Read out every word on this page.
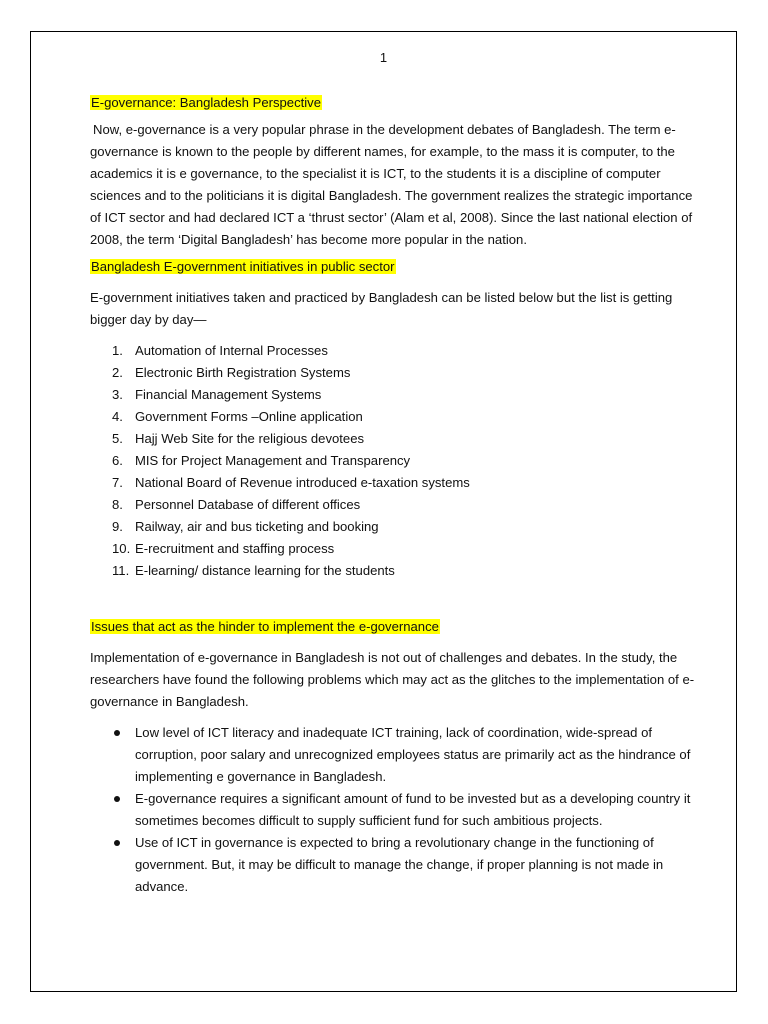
1
E-governance: Bangladesh Perspective

Now, e-governance is a very popular phrase in the development debates of Bangladesh. The term e-governance is known to the people by different names, for example, to the mass it is computer, to the academics it is e governance, to the specialist it is ICT, to the students it is a discipline of computer sciences and to the politicians it is digital Bangladesh. The government realizes the strategic importance of ICT sector and had declared ICT a ‘thrust sector’ (Alam et al, 2008). Since the last national election of 2008, the term ‘Digital Bangladesh’ has become more popular in the nation.

Bangladesh E-government initiatives in public sector

E-government initiatives taken and practiced by Bangladesh can be listed below but the list is getting bigger day by day—

1. Automation of Internal Processes
2. Electronic Birth Registration Systems
3. Financial Management Systems
4. Government Forms –Online application
5. Hajj Web Site for the religious devotees
6. MIS for Project Management and Transparency
7. National Board of Revenue introduced e-taxation systems
8. Personnel Database of different offices
9. Railway, air and bus ticketing and booking
10. E-recruitment and staffing process
11. E-learning/ distance learning for the students
Issues that act as the hinder to implement the e-governance

Implementation of e-governance in Bangladesh is not out of challenges and debates. In the study, the researchers have found the following problems which may act as the glitches to the implementation of e-governance in Bangladesh.

Low level of ICT literacy and inadequate ICT training, lack of coordination, wide-spread of corruption, poor salary and unrecognized employees status are primarily act as the hindrance of implementing e governance in Bangladesh.
E-governance requires a significant amount of fund to be invested but as a developing country it sometimes becomes difficult to supply sufficient fund for such ambitious projects.
Use of ICT in governance is expected to bring a revolutionary change in the functioning of government. But, it may be difficult to manage the change, if proper planning is not made in advance.
